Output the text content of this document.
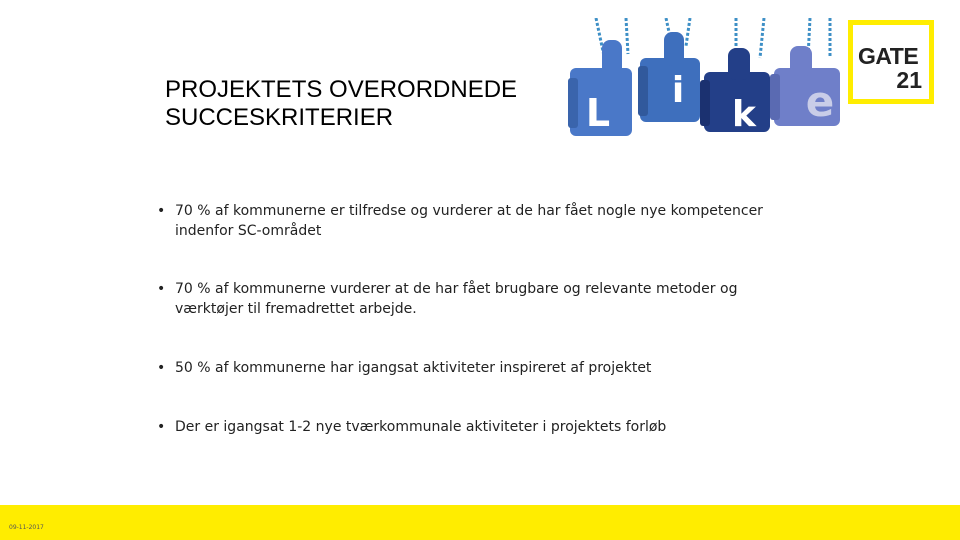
PROJEKTETS OVERORDNEDE
SUCCESKRITERIER	L
i
k e
GATE
21
• 70 % af kommunerne er tilfredse og vurderer at de har fået nogle nye kompetencer indenfor SC-området
• 70 % af kommunerne vurderer at de har fået brugbare og relevante metoder og værktøjer til fremadrettet arbejde.
• 50 % af kommunerne har igangsat aktiviteter inspireret af projektet
• Der er igangsat 1-2 nye tværkommunale aktiviteter i projektets forløb
09-11-2017
